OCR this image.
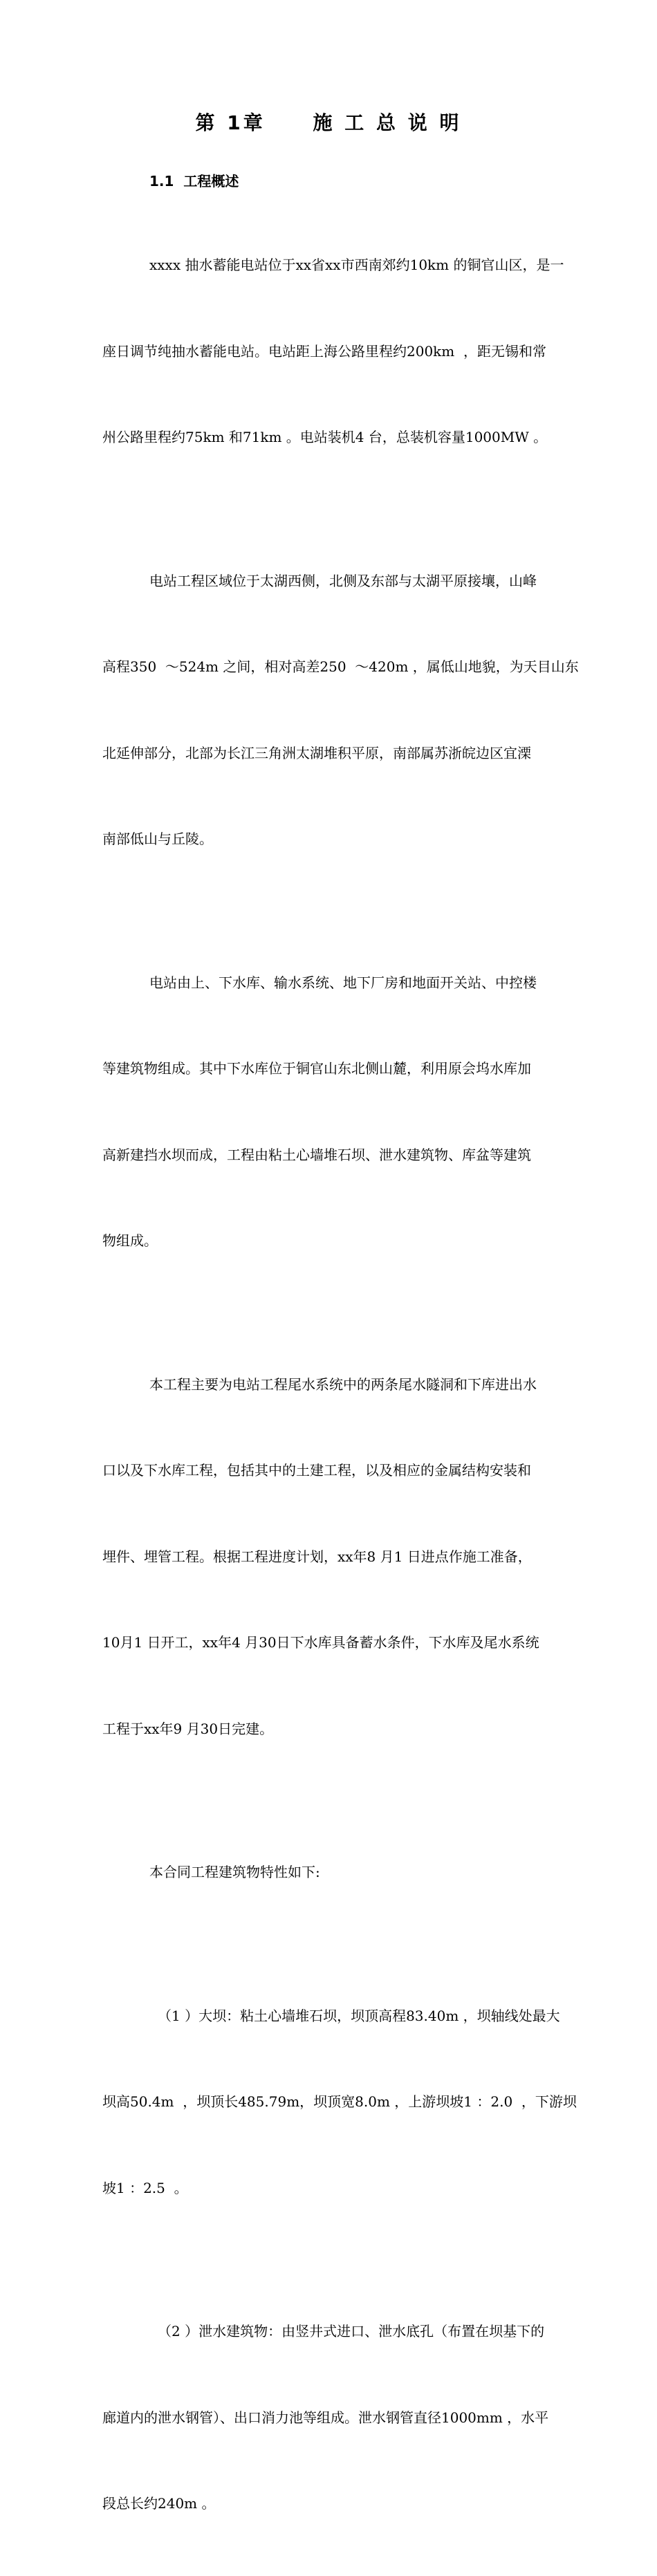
第 1章     施 工 总 说 明
1.1  工程概述

xxxx 抽水蓄能电站位于xx省xx市西南郊约10km 的铜官山区，是一

座日调节纯抽水蓄能电站。电站距上海公路里程约200km  ，距无锡和常

州公路里程约75km 和71km 。电站装机4 台，总装机容量1000MW 。

电站工程区域位于太湖西侧，北侧及东部与太湖平原接壤，山峰

高程350  ～524m 之间，相对高差250  ～420m ，属低山地貌，为天目山东

北延伸部分，北部为长江三角洲太湖堆积平原，南部属苏浙皖边区宜溧

南部低山与丘陵。

电站由上、下水库、输水系统、地下厂房和地面开关站、中控楼

等建筑物组成。其中下水库位于铜官山东北侧山麓，利用原会坞水库加

高新建挡水坝而成，工程由粘土心墙堆石坝、泄水建筑物、库盆等建筑

物组成。

本工程主要为电站工程尾水系统中的两条尾水隧洞和下库进出水

口以及下水库工程，包括其中的土建工程，以及相应的金属结构安装和

埋件、埋管工程。根据工程进度计划，xx年8 月1 日进点作施工准备，

10月1 日开工，xx年4 月30日下水库具备蓄水条件，下水库及尾水系统

工程于xx年9 月30日完建。

本合同工程建筑物特性如下:

（1 ）大坝：粘土心墙堆石坝，坝顶高程83.40m ，坝轴线处最大

坝高50.4m  ，坝顶长485.79m，坝顶宽8.0m ，上游坝坡1 ：2.0  ，下游坝

坡1 ：2.5  。

（2 ）泄水建筑物：由竖井式进口、泄水底孔（布置在坝基下的

廊道内的泄水钢管）、出口消力池等组成。泄水钢管直径1000mm ，水平

段总长约240m 。
